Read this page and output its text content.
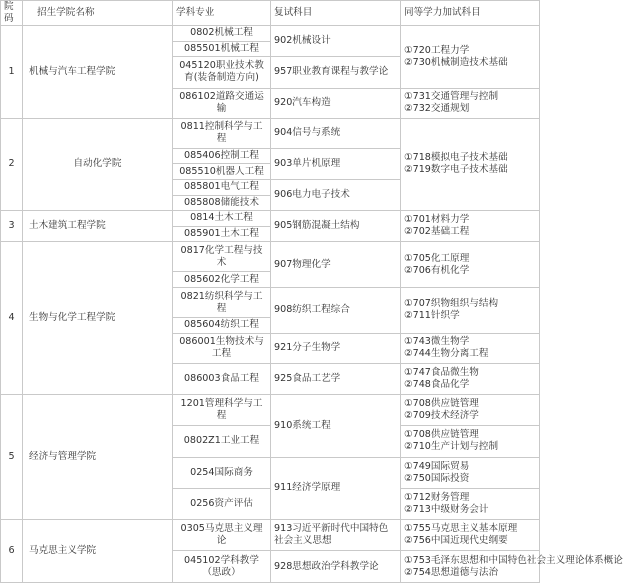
院码	招生学院名称	学科专业	复试科目	同等学力加试科目
1	机械与汽车工程学院	0802机械工程	902机械设计	①720工程力学
②730机械制造技术基础

		085501机械工程		
		045120职业技术教育(装备制造方向)	957职业教育课程与教学论	

		086102道路交通运输	920汽车构造	①731交通管理与控制
②732交通规划

2	自动化学院	0811控制科学与工程	904信号与系统	①718模拟电子技术基础
②719数字电子技术基础

		085406控制工程	903单片机原理	
		085510机器人工程		
		085801电气工程	906电力电子技术	
		085808储能技术		
3	土木建筑工程学院	0814土木工程	905钢筋混凝土结构	①701材料力学
②702基础工程

		085901土木工程		
4	生物与化学工程学院	0817化学工程与技术	907物理化学	①705化工原理
②706有机化学

		085602化学工程		
		0821纺织科学与工程	908纺织工程综合	①707织物组织与结构
②711针织学

		085604纺织工程		
		086001生物技术与工程	921分子生物学	①743微生物学
②744生物分离工程

		086003食品工程	925食品工艺学	①747食品微生物
②748食品化学

5	经济与管理学院	1201管理科学与工程	910系统工程	①708供应链管理
②709技术经济学

		0802Z1工业工程		①708供应链管理
②710生产计划与控制

		0254国际商务	911经济学原理	①749国际贸易
②750国际投资

		0256资产评估		①712财务管理
②713中级财务会计

6	马克思主义学院	0305马克思主义理论	913习近平新时代中国特色社会主义思想	①755马克思主义基本原理
②756中国近现代史纲要

		045102学科教学（思政）	928思想政治学科教学论	①753毛泽东思想和中国特色社会主义理论体系概论
②754思想道德与法治
